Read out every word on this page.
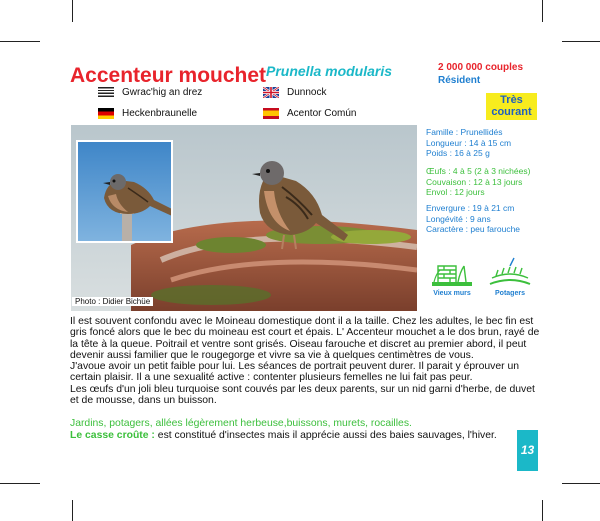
Accenteur mouchet Prunella modularis	2 000 000 couples
Résident
Très courant
Gwrac'hig an drez	Dunnock
Heckenbraunelle	Acentor Común
Photo : Didier Bichüe
Famille : Prunellidés
Longueur : 14 à 15 cm
Poids : 16 à 25 g
Œufs : 4 à 5 (2 à 3 nichées)
Couvaison : 12 à 13 jours
Envol : 12 jours
Envergure : 19 à 21 cm
Longévité : 9 ans
Caractère : peu farouche
Vieux murs	Potagers

Il est souvent confondu avec le Moineau domestique dont il a la taille. Chez les adultes, le bec fin est gris foncé alors que le bec du moineau est court et épais. L' Accenteur mouchet a le dos brun, rayé de la tête à la queue. Poitrail et ventre sont grisés. Oiseau farouche et discret au premier abord, il peut devenir aussi familier que le rougegorge et vivre sa vie à quelques centimètres de vous.

J'avoue avoir un petit faible pour lui. Les séances de portrait peuvent durer. Il parait y éprouver un certain plaisir. Il a une sexualité active : contenter plusieurs femelles ne lui fait pas peur.

Les œufs d'un joli bleu turquoise sont couvés par les deux parents, sur un nid garni d'herbe, de duvet et de mousse, dans un buisson.

Jardins, potagers, allées légèrement herbeuse,buissons, murets, rocailles.
Le casse croûte : est constitué d'insectes mais il apprécie aussi des baies sauvages, l'hiver.
13
